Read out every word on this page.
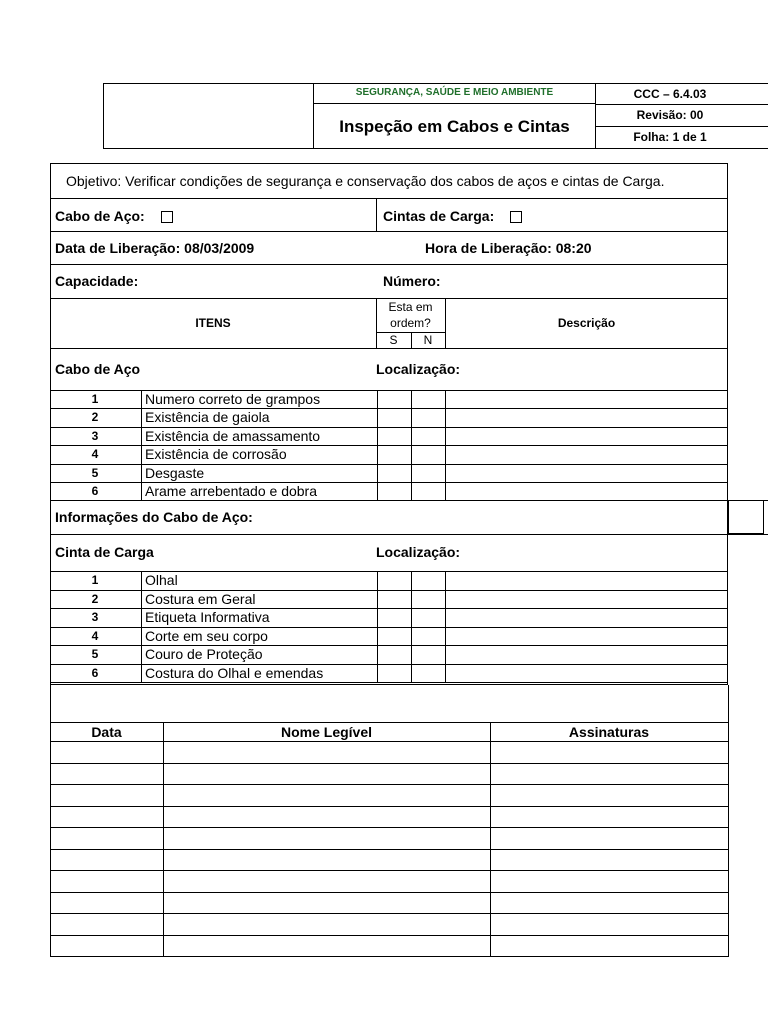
SEGURANÇA, SAÚDE E MEIO AMBIENTE
Inspeção em Cabos e Cintas
CCC – 6.4.03
Revisão: 00
Folha: 1 de 1
Objetivo: Verificar condições de segurança e conservação dos cabos de aços e cintas de Carga.
Cabo de Aço:	Cintas de Carga:
Data de Liberação: 08/03/2009	Hora de Liberação: 08:20
Capacidade:	Número:
ITENS
Esta em
ordem?
S	N
Descrição
Cabo de Aço	Localização:
1	Numero correto de grampos
2	Existência de gaiola
3	Existência de amassamento
4	Existência de corrosão
5	Desgaste
6	Arame arrebentado e dobra
Informações do Cabo de Aço:
Cinta de Carga	Localização:
1	Olhal
2	Costura em Geral
3	Etiqueta Informativa
4	Corte em seu corpo
5	Couro de Proteção
6	Costura do Olhal e emendas
Data	Nome Legível	Assinaturas
